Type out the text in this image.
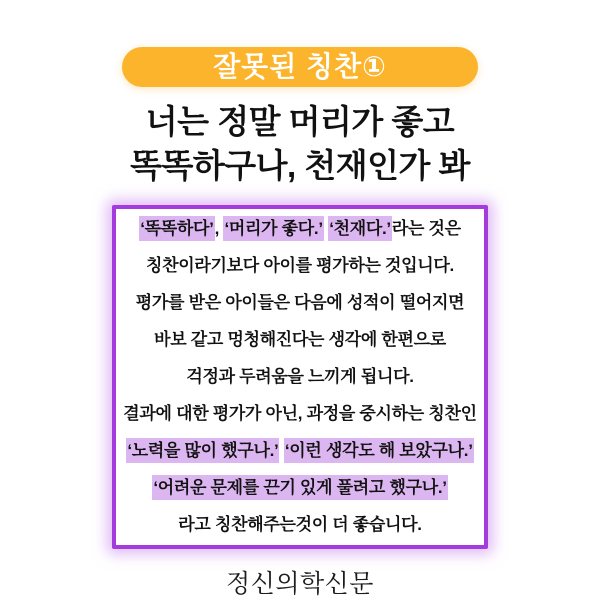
잘못된 칭찬①
너는 정말 머리가 좋고
똑똑하구나, 천재인가 봐

‘똑똑하다’, ‘머리가 좋다.’ ‘천재다.’라는 것은

칭찬이라기보다 아이를 평가하는 것입니다.

평가를 받은 아이들은 다음에 성적이 떨어지면

바보 같고 멍청해진다는 생각에 한편으로

걱정과 두려움을 느끼게 됩니다.

결과에 대한 평가가 아닌, 과정을 중시하는 칭찬인

‘노력을 많이 했구나.’ ‘이런 생각도 해 보았구나.’

‘어려운 문제를 끈기 있게 풀려고 했구나.’

라고 칭찬해주는것이 더 좋습니다.

정신의학신문
